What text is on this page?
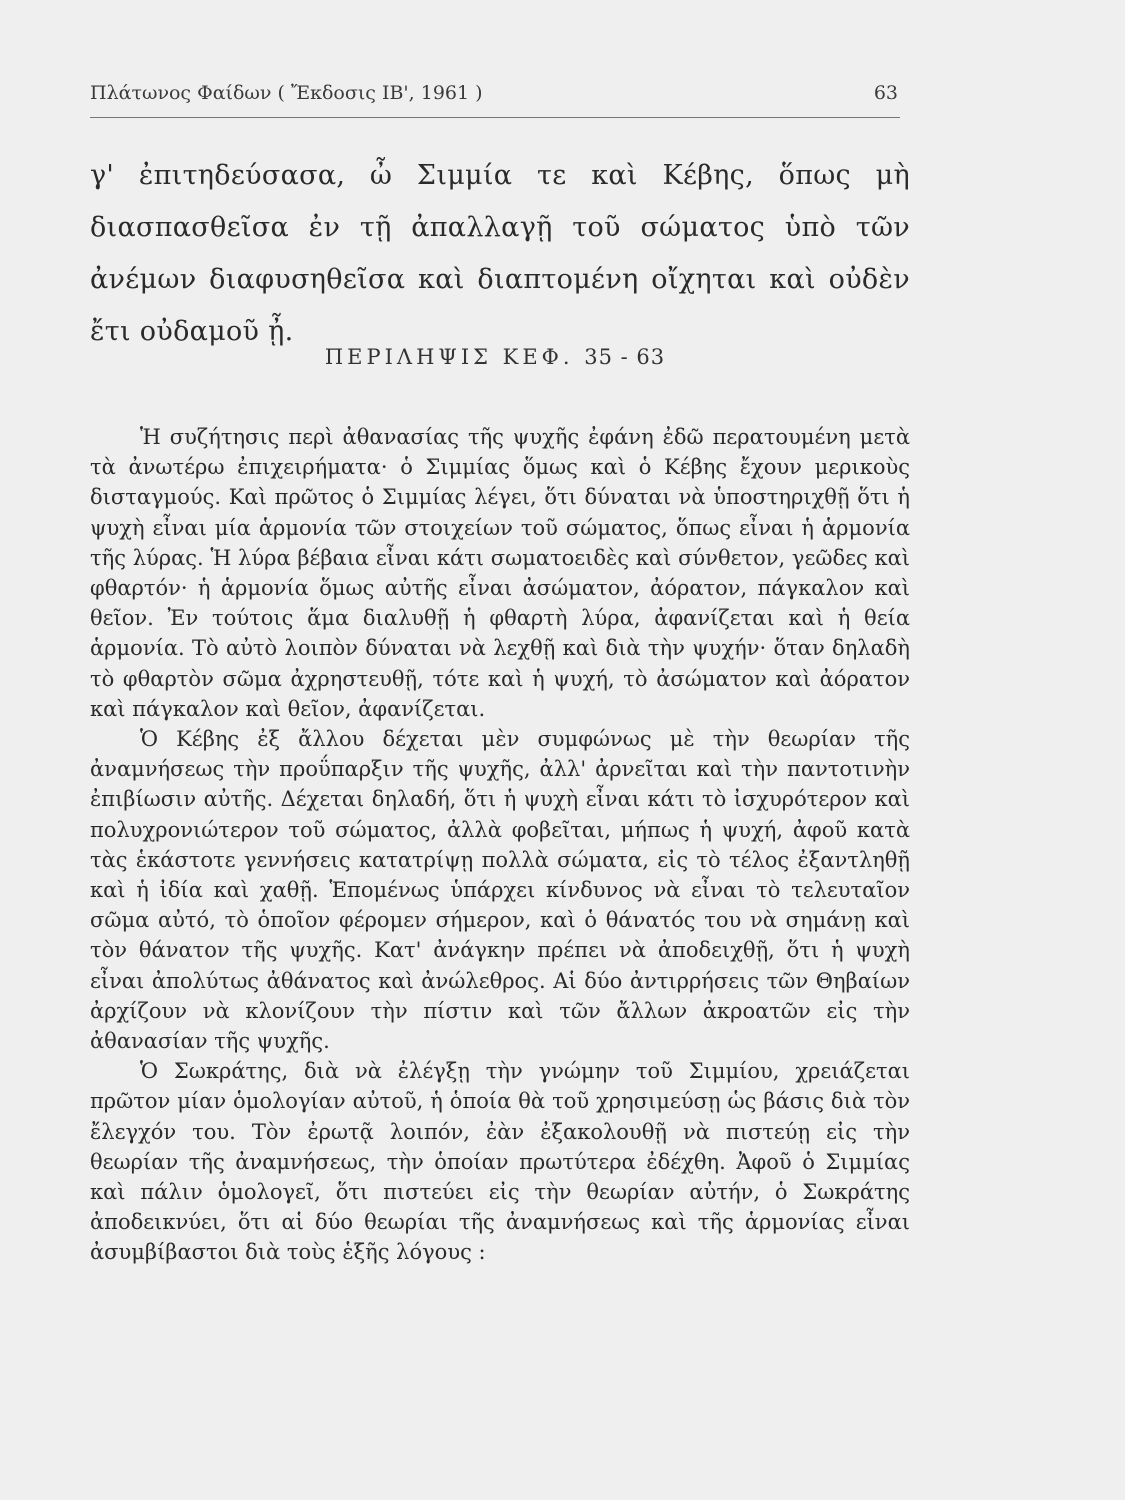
Πλάτωνος Φαίδων ( Ἔκδοσις ΙΒ', 1961 )	63

γ' ἐπιτηδεύσασα, ὦ Σιμμία τε καὶ Κέβης, ὅπως μὴ διασπασθεῖσα ἐν τῇ ἀπαλλαγῇ τοῦ σώματος ὑπὸ τῶν ἀνέμων διαφυσηθεῖσα καὶ διαπτομένη οἴχηται καὶ οὐδὲν ἔτι οὐδαμοῦ ᾖ.

ΠΕΡΙΛΗΨΙΣ ΚΕΦ. 35 - 63

Ἡ συζήτησις περὶ ἀθανασίας τῆς ψυχῆς ἐφάνη ἐδῶ περατουμένη μετὰ τὰ ἀνωτέρω ἐπιχειρήματα· ὁ Σιμμίας ὅμως καὶ ὁ Κέβης ἔχουν μερικοὺς δισταγμούς. Καὶ πρῶτος ὁ Σιμμίας λέγει, ὅτι δύναται νὰ ὑποστηριχθῇ ὅτι ἡ ψυχὴ εἶναι μία ἁρμονία τῶν στοιχείων τοῦ σώματος, ὅπως εἶναι ἡ ἁρμονία τῆς λύρας. Ἡ λύρα βέβαια εἶναι κάτι σωματοειδὲς καὶ σύνθετον, γεῶδες καὶ φθαρτόν· ἡ ἁρμονία ὅμως αὐτῆς εἶναι ἀσώματον, ἀόρατον, πάγκαλον καὶ θεῖον. Ἐν τούτοις ἅμα διαλυθῇ ἡ φθαρτὴ λύρα, ἀφανίζεται καὶ ἡ θεία ἁρμονία. Τὸ αὐτὸ λοιπὸν δύναται νὰ λεχθῇ καὶ διὰ τὴν ψυχήν· ὅταν δηλαδὴ τὸ φθαρτὸν σῶμα ἀχρηστευθῇ, τότε καὶ ἡ ψυχή, τὸ ἀσώματον καὶ ἀόρατον καὶ πάγκαλον καὶ θεῖον, ἀφανίζεται.

Ὁ Κέβης ἐξ ἄλλου δέχεται μὲν συμφώνως μὲ τὴν θεωρίαν τῆς ἀναμνήσεως τὴν προΰπαρξιν τῆς ψυχῆς, ἀλλ' ἀρνεῖται καὶ τὴν παντοτινὴν ἐπιβίωσιν αὐτῆς. Δέχεται δηλαδή, ὅτι ἡ ψυχὴ εἶναι κάτι τὸ ἰσχυρότερον καὶ πολυχρονιώτερον τοῦ σώματος, ἀλλὰ φοβεῖται, μήπως ἡ ψυχή, ἀφοῦ κατὰ τὰς ἑκάστοτε γεννήσεις κατατρίψῃ πολλὰ σώματα, εἰς τὸ τέλος ἐξαντληθῇ καὶ ἡ ἰδία καὶ χαθῇ. Ἑπομένως ὑπάρχει κίνδυνος νὰ εἶναι τὸ τελευταῖον σῶμα αὐτό, τὸ ὁποῖον φέρομεν σήμερον, καὶ ὁ θάνατός του νὰ σημάνῃ καὶ τὸν θάνατον τῆς ψυχῆς. Κατ' ἀνάγκην πρέπει νὰ ἀποδειχθῇ, ὅτι ἡ ψυχὴ εἶναι ἀπολύτως ἀθάνατος καὶ ἀνώλεθρος. Αἱ δύο ἀντιρρήσεις τῶν Θηβαίων ἀρχίζουν νὰ κλονίζουν τὴν πίστιν καὶ τῶν ἄλλων ἀκροατῶν εἰς τὴν ἀθανασίαν τῆς ψυχῆς.

Ὁ Σωκράτης, διὰ νὰ ἐλέγξῃ τὴν γνώμην τοῦ Σιμμίου, χρειάζεται πρῶτον μίαν ὁμολογίαν αὐτοῦ, ἡ ὁποία θὰ τοῦ χρησιμεύσῃ ὡς βάσις διὰ τὸν ἔλεγχόν του. Τὸν ἐρωτᾷ λοιπόν, ἐὰν ἐξακολουθῇ νὰ πιστεύῃ εἰς τὴν θεωρίαν τῆς ἀναμνήσεως, τὴν ὁποίαν πρωτύτερα ἐδέχθη. Ἀφοῦ ὁ Σιμμίας καὶ πάλιν ὁμολογεῖ, ὅτι πιστεύει εἰς τὴν θεωρίαν αὐτήν, ὁ Σωκράτης ἀποδεικνύει, ὅτι αἱ δύο θεωρίαι τῆς ἀναμνήσεως καὶ τῆς ἁρμονίας εἶναι ἀσυμβίβαστοι διὰ τοὺς ἑξῆς λόγους :
